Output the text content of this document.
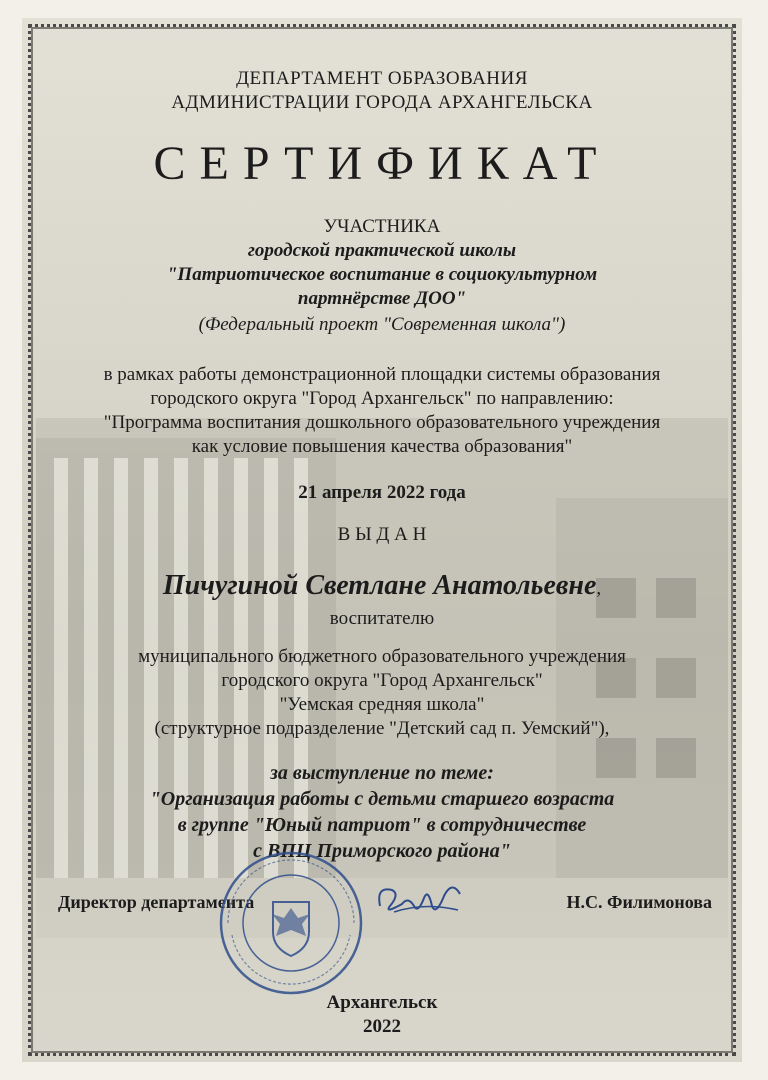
ДЕПАРТАМЕНТ ОБРАЗОВАНИЯ
АДМИНИСТРАЦИИ ГОРОДА АРХАНГЕЛЬСКА
СЕРТИФИКАТ
УЧАСТНИКА
городской практической школы
"Патриотическое воспитание в социокультурном
партнёрстве ДОО"
(Федеральный проект "Современная школа")
в рамках работы демонстрационной площадки системы образования
городского округа "Город Архангельск" по направлению:
"Программа воспитания дошкольного образовательного учреждения
как условие повышения качества образования"
21 апреля 2022 года
В Ы Д А Н
Пичугиной Светлане Анатольевне,
воспитателю
муниципального бюджетного образовательного учреждения
городского округа "Город Архангельск"
"Уемская средняя школа"
(структурное подразделение "Детский сад п. Уемский"),
за выступление по теме:
"Организация работы с детьми старшего возраста
в группе "Юный патриот" в сотрудничестве
с ВПЦ Приморского района"
Директор департамента	Н.С. Филимонова
Архангельск
2022
